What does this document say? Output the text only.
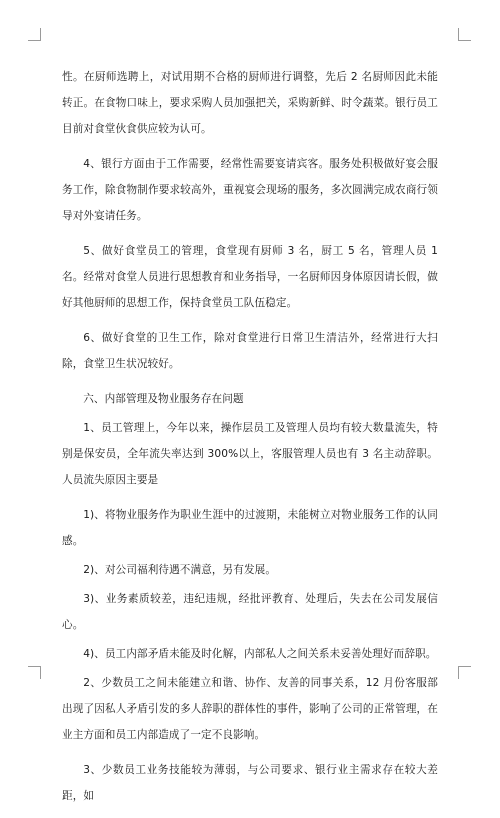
性。在厨师选聘上，对试用期不合格的厨师进行调整，先后 2 名厨师因此未能转正。在食物口味上，要求采购人员加强把关，采购新鲜、时令蔬菜。银行员工目前对食堂伙食供应较为认可。

4、银行方面由于工作需要，经常性需要宴请宾客。服务处积极做好宴会服务工作，除食物制作要求较高外，重视宴会现场的服务，多次圆满完成农商行领导对外宴请任务。

5、做好食堂员工的管理，食堂现有厨师 3 名，厨工 5 名，管理人员 1 名。经常对食堂人员进行思想教育和业务指导，一名厨师因身体原因请长假，做好其他厨师的思想工作，保持食堂员工队伍稳定。

6、做好食堂的卫生工作，除对食堂进行日常卫生清洁外，经常进行大扫除，食堂卫生状况较好。

六、内部管理及物业服务存在问题

1、员工管理上，今年以来，操作层员工及管理人员均有较大数量流失，特别是保安员，全年流失率达到 300%以上，客服管理人员也有 3 名主动辞职。人员流失原因主要是

1)、将物业服务作为职业生涯中的过渡期，未能树立对物业服务工作的认同感。

2)、对公司福利待遇不满意，另有发展。

3)、业务素质较差，违纪违规，经批评教育、处理后，失去在公司发展信心。

4)、员工内部矛盾未能及时化解，内部私人之间关系未妥善处理好而辞职。

2、少数员工之间未能建立和谐、协作、友善的同事关系，12 月份客服部出现了因私人矛盾引发的多人辞职的群体性的事件，影响了公司的正常管理，在业主方面和员工内部造成了一定不良影响。

3、少数员工业务技能较为薄弱，与公司要求、银行业主需求存在较大差距，如
